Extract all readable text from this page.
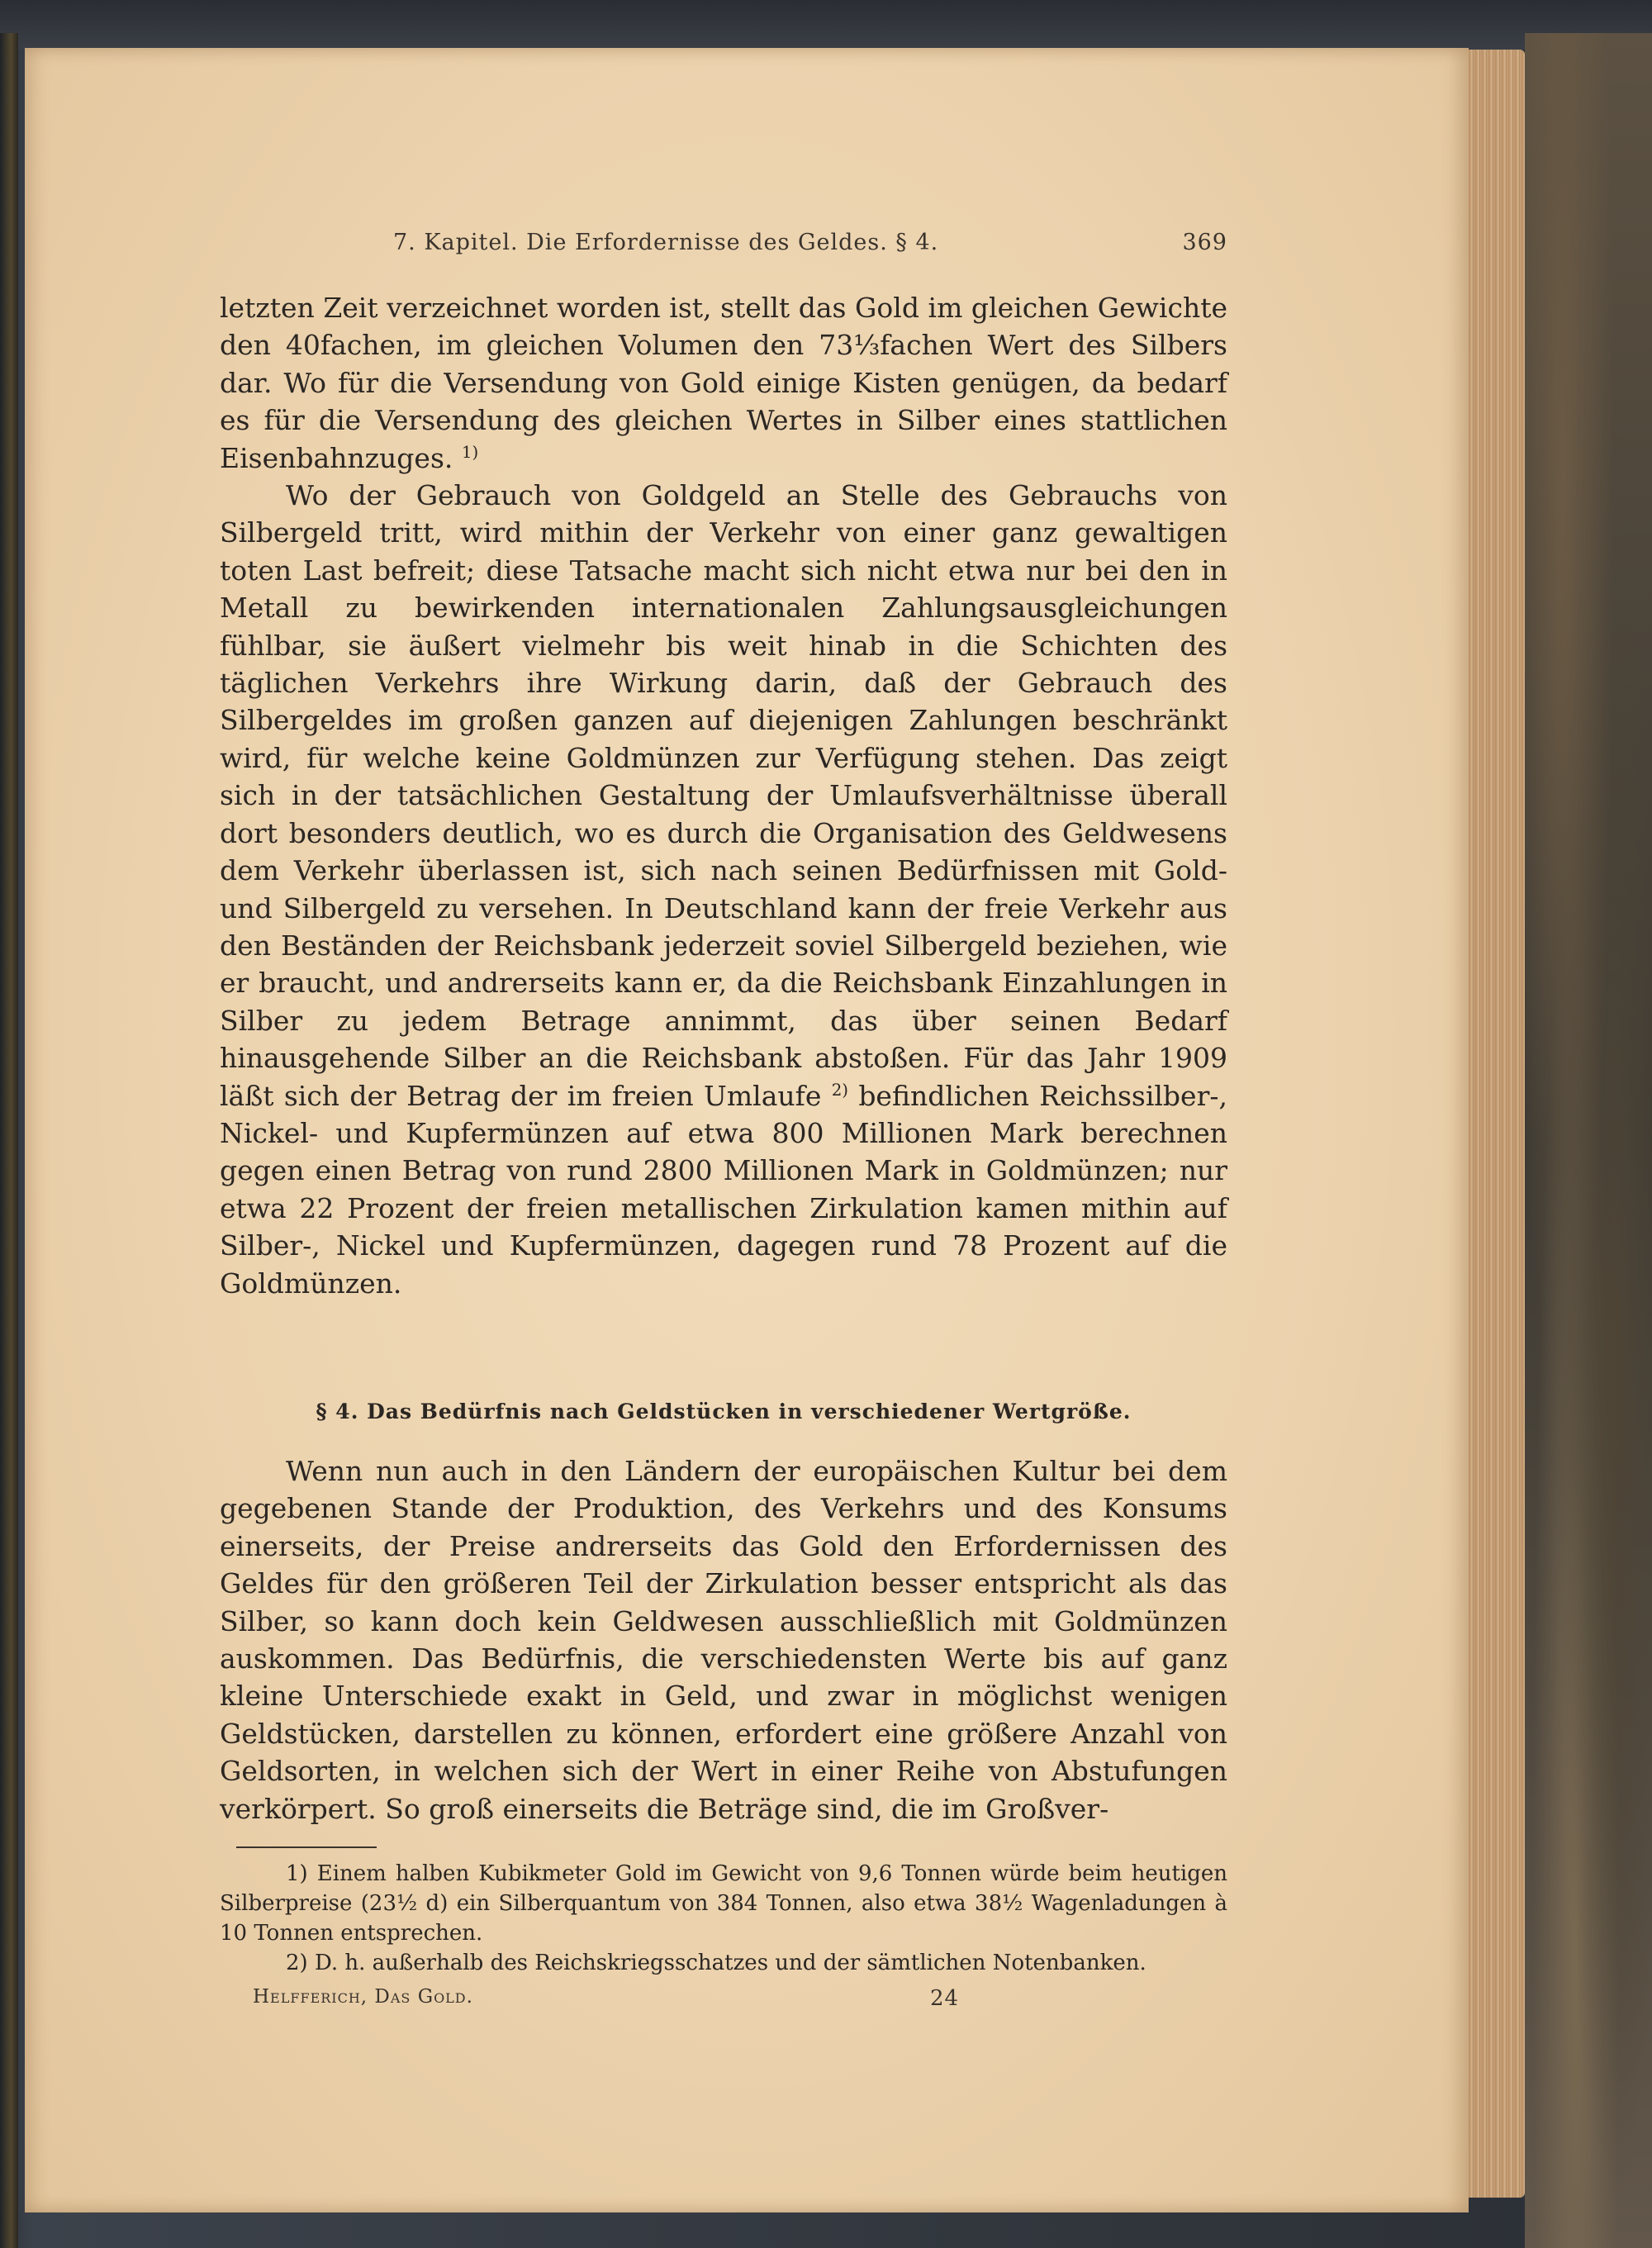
7. Kapitel. Die Erfordernisse des Geldes. § 4.	369

letzten Zeit verzeichnet worden ist, stellt das Gold im gleichen Gewichte den 40fachen, im gleichen Volumen den 73⅓fachen Wert des Silbers dar. Wo für die Versendung von Gold einige Kisten genügen, da bedarf es für die Versendung des gleichen Wertes in Silber eines stattlichen Eisenbahnzuges. $^{1)}$

Wo der Gebrauch von Goldgeld an Stelle des Gebrauchs von Silbergeld tritt, wird mithin der Verkehr von einer ganz gewaltigen toten Last befreit; diese Tatsache macht sich nicht etwa nur bei den in Metall zu bewirkenden internationalen Zahlungsausgleichungen fühlbar, sie äußert vielmehr bis weit hinab in die Schichten des täglichen Verkehrs ihre Wirkung darin, daß der Gebrauch des Silbergeldes im großen ganzen auf diejenigen Zahlungen beschränkt wird, für welche keine Goldmünzen zur Verfügung stehen. Das zeigt sich in der tatsächlichen Gestaltung der Umlaufsverhältnisse überall dort besonders deutlich, wo es durch die Organisation des Geldwesens dem Verkehr überlassen ist, sich nach seinen Bedürfnissen mit Gold- und Silbergeld zu versehen. In Deutschland kann der freie Verkehr aus den Beständen der Reichsbank jederzeit soviel Silbergeld beziehen, wie er braucht, und andrerseits kann er, da die Reichsbank Einzahlungen in Silber zu jedem Betrage annimmt, das über seinen Bedarf hinausgehende Silber an die Reichsbank abstoßen. Für das Jahr 1909 läßt sich der Betrag der im freien Umlaufe $^{2)}$ befindlichen Reichssilber-, Nickel- und Kupfermünzen auf etwa 800 Millionen Mark berechnen gegen einen Betrag von rund 2800 Millionen Mark in Goldmünzen; nur etwa 22 Prozent der freien metallischen Zirkulation kamen mithin auf Silber-, Nickel und Kupfermünzen, dagegen rund 78 Prozent auf die Goldmünzen.

§ 4. Das Bedürfnis nach Geldstücken in verschiedener Wertgröße.

Wenn nun auch in den Ländern der europäischen Kultur bei dem gegebenen Stande der Produktion, des Verkehrs und des Konsums einerseits, der Preise andrerseits das Gold den Erfordernissen des Geldes für den größeren Teil der Zirkulation besser entspricht als das Silber, so kann doch kein Geldwesen ausschließlich mit Goldmünzen auskommen. Das Bedürfnis, die verschiedensten Werte bis auf ganz kleine Unterschiede exakt in Geld, und zwar in möglichst wenigen Geldstücken, darstellen zu können, erfordert eine größere Anzahl von Geldsorten, in welchen sich der Wert in einer Reihe von Abstufungen verkörpert. So groß einerseits die Beträge sind, die im Großver-

1) Einem halben Kubikmeter Gold im Gewicht von 9,6 Tonnen würde beim heutigen Silberpreise (23½ d) ein Silberquantum von 384 Tonnen, also etwa 38½ Wagenladungen à 10 Tonnen entsprechen.

2) D. h. außerhalb des Reichskriegsschatzes und der sämtlichen Notenbanken.

Helfferich, Das Gold.	24
